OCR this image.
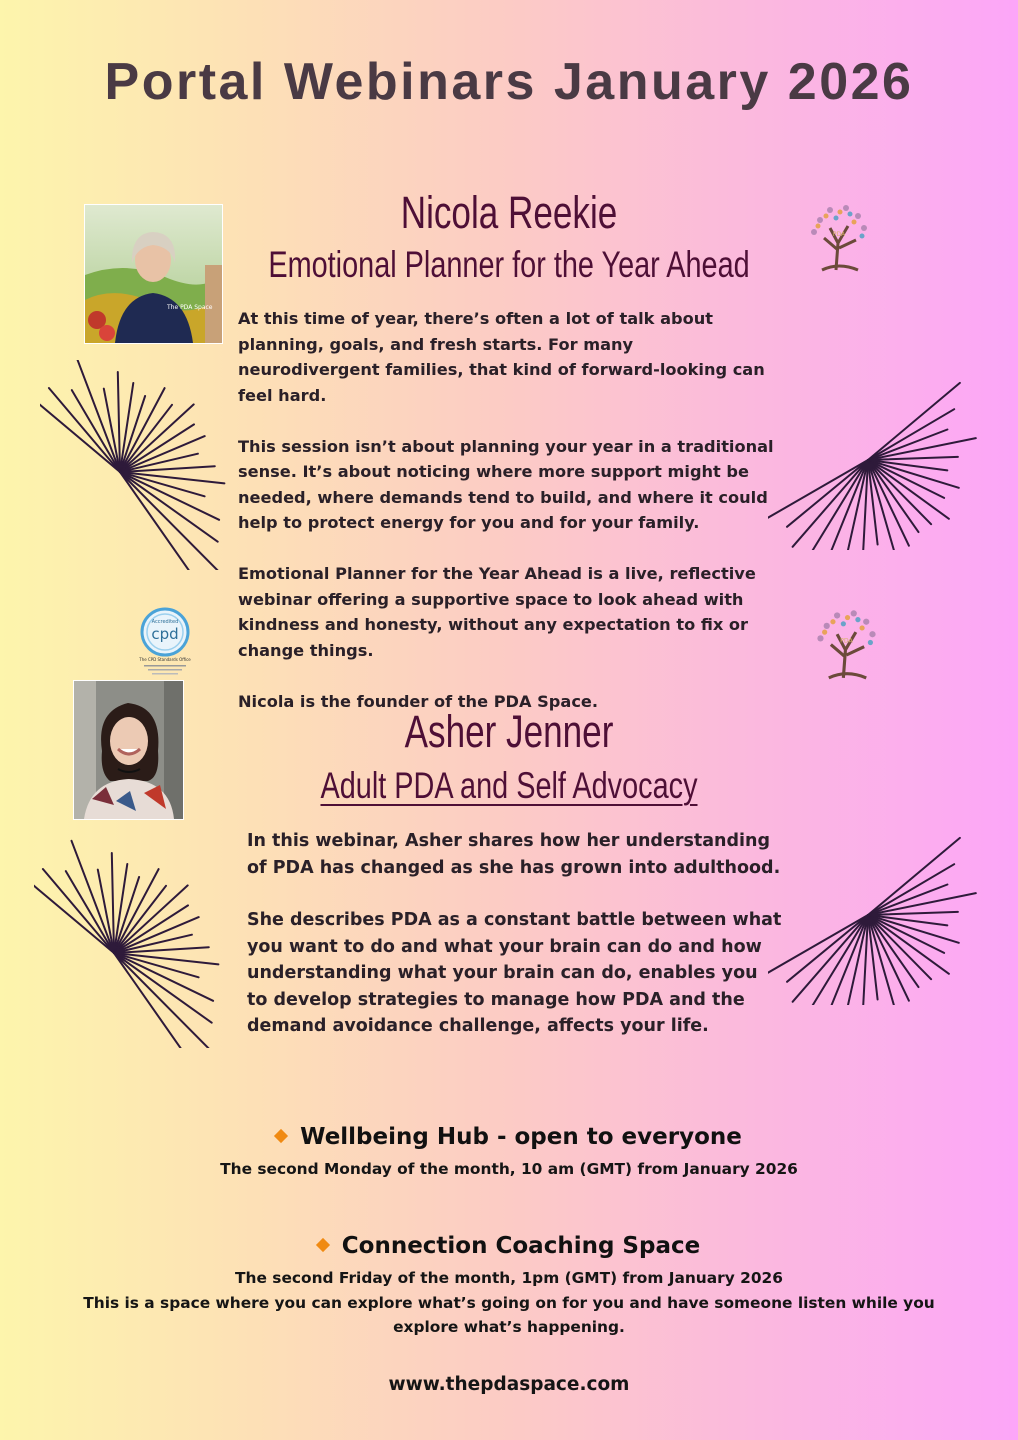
Portal Webinars January 2026
The PDA Space
Nicola Reekie
Emotional Planner for the Year Ahead

At this time of year, there’s often a lot of talk about planning, goals, and fresh starts. For many neurodivergent families, that kind of forward-looking can feel hard.

This session isn’t about planning your year in a traditional sense. It’s about noticing where more support might be needed, where demands tend to build, and where it could help to protect energy for you and for your family.

Emotional Planner for the Year Ahead is a live, reflective webinar offering a supportive space to look ahead with kindness and honesty, without any expectation to fix or change things.

Nicola is the founder of the PDA Space.

PDA
PDA
Accredited
cpd
The CPD Standards Office
Asher Jenner
Adult PDA and Self Advocacy

In this webinar, Asher shares how her understanding of PDA has changed as she has grown into adulthood.

She describes PDA as a constant battle between what you want to do and what your brain can do and how understanding what your brain can do, enables you to develop strategies to manage how PDA and the demand avoidance challenge, affects your life.

Wellbeing Hub - open to everyone
The second Monday of the month, 10 am (GMT) from January 2026
Connection Coaching Space
The second Friday of the month, 1pm (GMT) from January 2026
This is a space where you can explore what’s going on for you and have someone listen while you
explore what’s happening.
www.thepdaspace.com
